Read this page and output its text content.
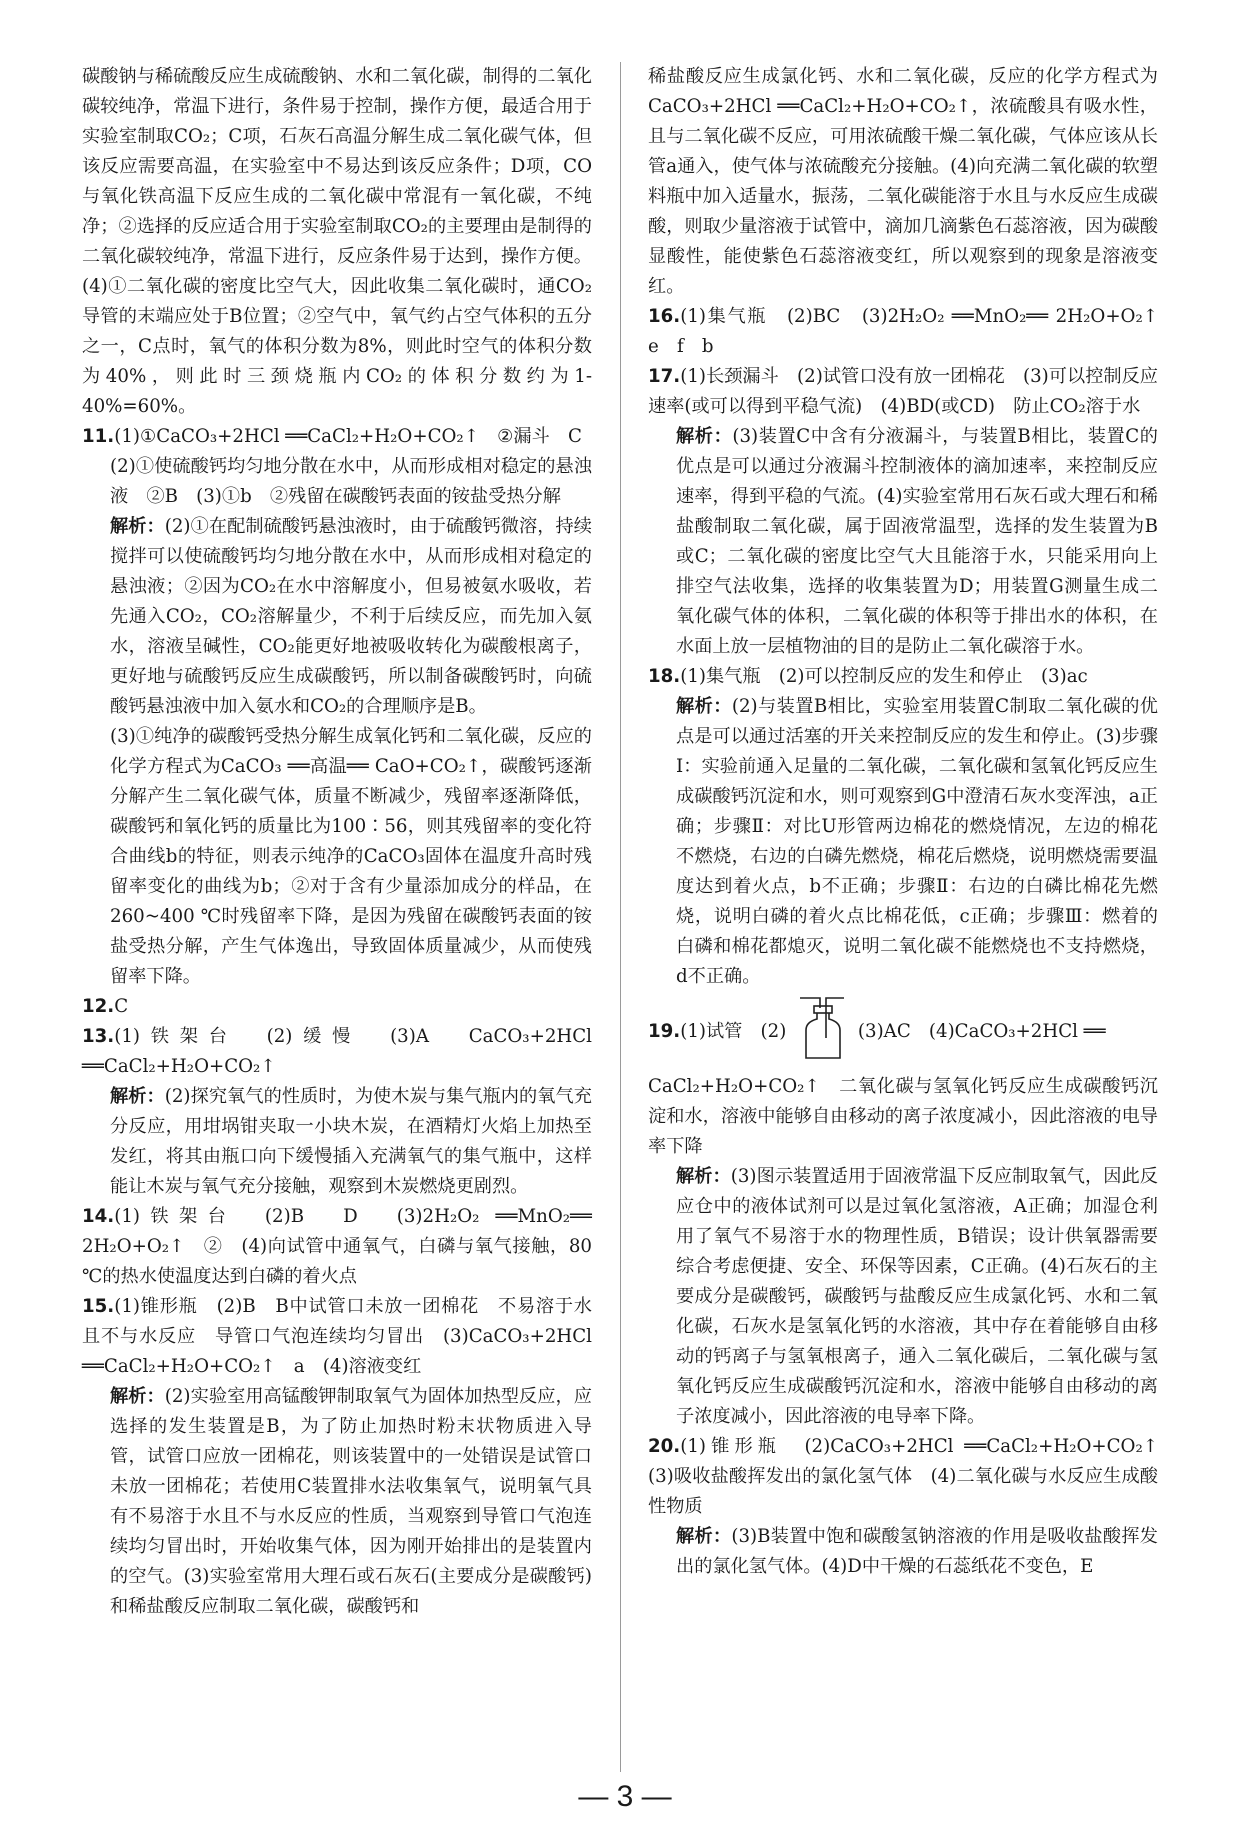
碳酸钠与稀硫酸反应生成硫酸钠、水和二氧化碳，制得的二氧化碳较纯净，常温下进行，条件易于控制，操作方便，最适合用于实验室制取CO₂；C项，石灰石高温分解生成二氧化碳气体，但该反应需要高温，在实验室中不易达到该反应条件；D项，CO与氧化铁高温下反应生成的二氧化碳中常混有一氧化碳，不纯净；②选择的反应适合用于实验室制取CO₂的主要理由是制得的二氧化碳较纯净，常温下进行，反应条件易于达到，操作方便。(4)①二氧化碳的密度比空气大，因此收集二氧化碳时，通CO₂导管的末端应处于B位置；②空气中，氧气约占空气体积的五分之一，C点时，氧气的体积分数为8%，则此时空气的体积分数为40%，则此时三颈烧瓶内CO₂的体积分数约为1-40%=60%。

11.(1)①CaCO₃+2HCl ══CaCl₂+H₂O+CO₂↑　②漏斗　C

(2)①使硫酸钙均匀地分散在水中，从而形成相对稳定的悬浊液　②B　(3)①b　②残留在碳酸钙表面的铵盐受热分解

解析：(2)①在配制硫酸钙悬浊液时，由于硫酸钙微溶，持续搅拌可以使硫酸钙均匀地分散在水中，从而形成相对稳定的悬浊液；②因为CO₂在水中溶解度小，但易被氨水吸收，若先通入CO₂，CO₂溶解量少，不利于后续反应，而先加入氨水，溶液呈碱性，CO₂能更好地被吸收转化为碳酸根离子，更好地与硫酸钙反应生成碳酸钙，所以制备碳酸钙时，向硫酸钙悬浊液中加入氨水和CO₂的合理顺序是B。

(3)①纯净的碳酸钙受热分解生成氧化钙和二氧化碳，反应的化学方程式为CaCO₃ ══高温══ CaO+CO₂↑，碳酸钙逐渐分解产生二氧化碳气体，质量不断减少，残留率逐渐降低，碳酸钙和氧化钙的质量比为100∶56，则其残留率的变化符合曲线b的特征，则表示纯净的CaCO₃固体在温度升高时残留率变化的曲线为b；②对于含有少量添加成分的样品，在260~400 ℃时残留率下降，是因为残留在碳酸钙表面的铵盐受热分解，产生气体逸出，导致固体质量减少，从而使残留率下降。

12.C

13.(1)铁架台　(2)缓慢　(3)A　CaCO₃+2HCl ══CaCl₂+H₂O+CO₂↑

解析：(2)探究氧气的性质时，为使木炭与集气瓶内的氧气充分反应，用坩埚钳夹取一小块木炭，在酒精灯火焰上加热至发红，将其由瓶口向下缓慢插入充满氧气的集气瓶中，这样能让木炭与氧气充分接触，观察到木炭燃烧更剧烈。

14.(1)铁架台　(2)B　D　(3)2H₂O₂ ══MnO₂══ 2H₂O+O₂↑　②　(4)向试管中通氧气，白磷与氧气接触，80 ℃的热水使温度达到白磷的着火点

15.(1)锥形瓶　(2)B　B中试管口未放一团棉花　不易溶于水且不与水反应　导管口气泡连续均匀冒出　(3)CaCO₃+2HCl ══CaCl₂+H₂O+CO₂↑　a　(4)溶液变红

解析：(2)实验室用高锰酸钾制取氧气为固体加热型反应，应选择的发生装置是B，为了防止加热时粉末状物质进入导管，试管口应放一团棉花，则该装置中的一处错误是试管口未放一团棉花；若使用C装置排水法收集氧气，说明氧气具有不易溶于水且不与水反应的性质，当观察到导管口气泡连续均匀冒出时，开始收集气体，因为刚开始排出的是装置内的空气。(3)实验室常用大理石或石灰石(主要成分是碳酸钙)和稀盐酸反应制取二氧化碳，碳酸钙和

稀盐酸反应生成氯化钙、水和二氧化碳，反应的化学方程式为CaCO₃+2HCl ══CaCl₂+H₂O+CO₂↑，浓硫酸具有吸水性，且与二氧化碳不反应，可用浓硫酸干燥二氧化碳，气体应该从长管a通入，使气体与浓硫酸充分接触。(4)向充满二氧化碳的软塑料瓶中加入适量水，振荡，二氧化碳能溶于水且与水反应生成碳酸，则取少量溶液于试管中，滴加几滴紫色石蕊溶液，因为碳酸显酸性，能使紫色石蕊溶液变红，所以观察到的现象是溶液变红。

16.(1)集气瓶　(2)BC　(3)2H₂O₂ ══MnO₂══ 2H₂O+O₂↑　e　f　b

17.(1)长颈漏斗　(2)试管口没有放一团棉花　(3)可以控制反应速率(或可以得到平稳气流)　(4)BD(或CD)　防止CO₂溶于水

解析：(3)装置C中含有分液漏斗，与装置B相比，装置C的优点是可以通过分液漏斗控制液体的滴加速率，来控制反应速率，得到平稳的气流。(4)实验室常用石灰石或大理石和稀盐酸制取二氧化碳，属于固液常温型，选择的发生装置为B或C；二氧化碳的密度比空气大且能溶于水，只能采用向上排空气法收集，选择的收集装置为D；用装置G测量生成二氧化碳气体的体积，二氧化碳的体积等于排出水的体积，在水面上放一层植物油的目的是防止二氧化碳溶于水。

18.(1)集气瓶　(2)可以控制反应的发生和停止　(3)ac

解析：(2)与装置B相比，实验室用装置C制取二氧化碳的优点是可以通过活塞的开关来控制反应的发生和停止。(3)步骤Ⅰ：实验前通入足量的二氧化碳，二氧化碳和氢氧化钙反应生成碳酸钙沉淀和水，则可观察到G中澄清石灰水变浑浊，a正确；步骤Ⅱ：对比U形管两边棉花的燃烧情况，左边的棉花不燃烧，右边的白磷先燃烧，棉花后燃烧，说明燃烧需要温度达到着火点，b不正确；步骤Ⅱ：右边的白磷比棉花先燃烧，说明白磷的着火点比棉花低，c正确；步骤Ⅲ：燃着的白磷和棉花都熄灭，说明二氧化碳不能燃烧也不支持燃烧，d不正确。

19.(1)试管　(2)	(3)AC　(4)CaCO₃+2HCl ══

CaCl₂+H₂O+CO₂↑　二氧化碳与氢氧化钙反应生成碳酸钙沉淀和水，溶液中能够自由移动的离子浓度减小，因此溶液的电导率下降

解析：(3)图示装置适用于固液常温下反应制取氧气，因此反应仓中的液体试剂可以是过氧化氢溶液，A正确；加湿仓利用了氧气不易溶于水的物理性质，B错误；设计供氧器需要综合考虑便捷、安全、环保等因素，C正确。(4)石灰石的主要成分是碳酸钙，碳酸钙与盐酸反应生成氯化钙、水和二氧化碳，石灰水是氢氧化钙的水溶液，其中存在着能够自由移动的钙离子与氢氧根离子，通入二氧化碳后，二氧化碳与氢氧化钙反应生成碳酸钙沉淀和水，溶液中能够自由移动的离子浓度减小，因此溶液的电导率下降。

20.(1)锥形瓶　(2)CaCO₃+2HCl ══CaCl₂+H₂O+CO₂↑　(3)吸收盐酸挥发出的氯化氢气体　(4)二氧化碳与水反应生成酸性物质

解析：(3)B装置中饱和碳酸氢钠溶液的作用是吸收盐酸挥发出的氯化氢气体。(4)D中干燥的石蕊纸花不变色，E

— 3 —
